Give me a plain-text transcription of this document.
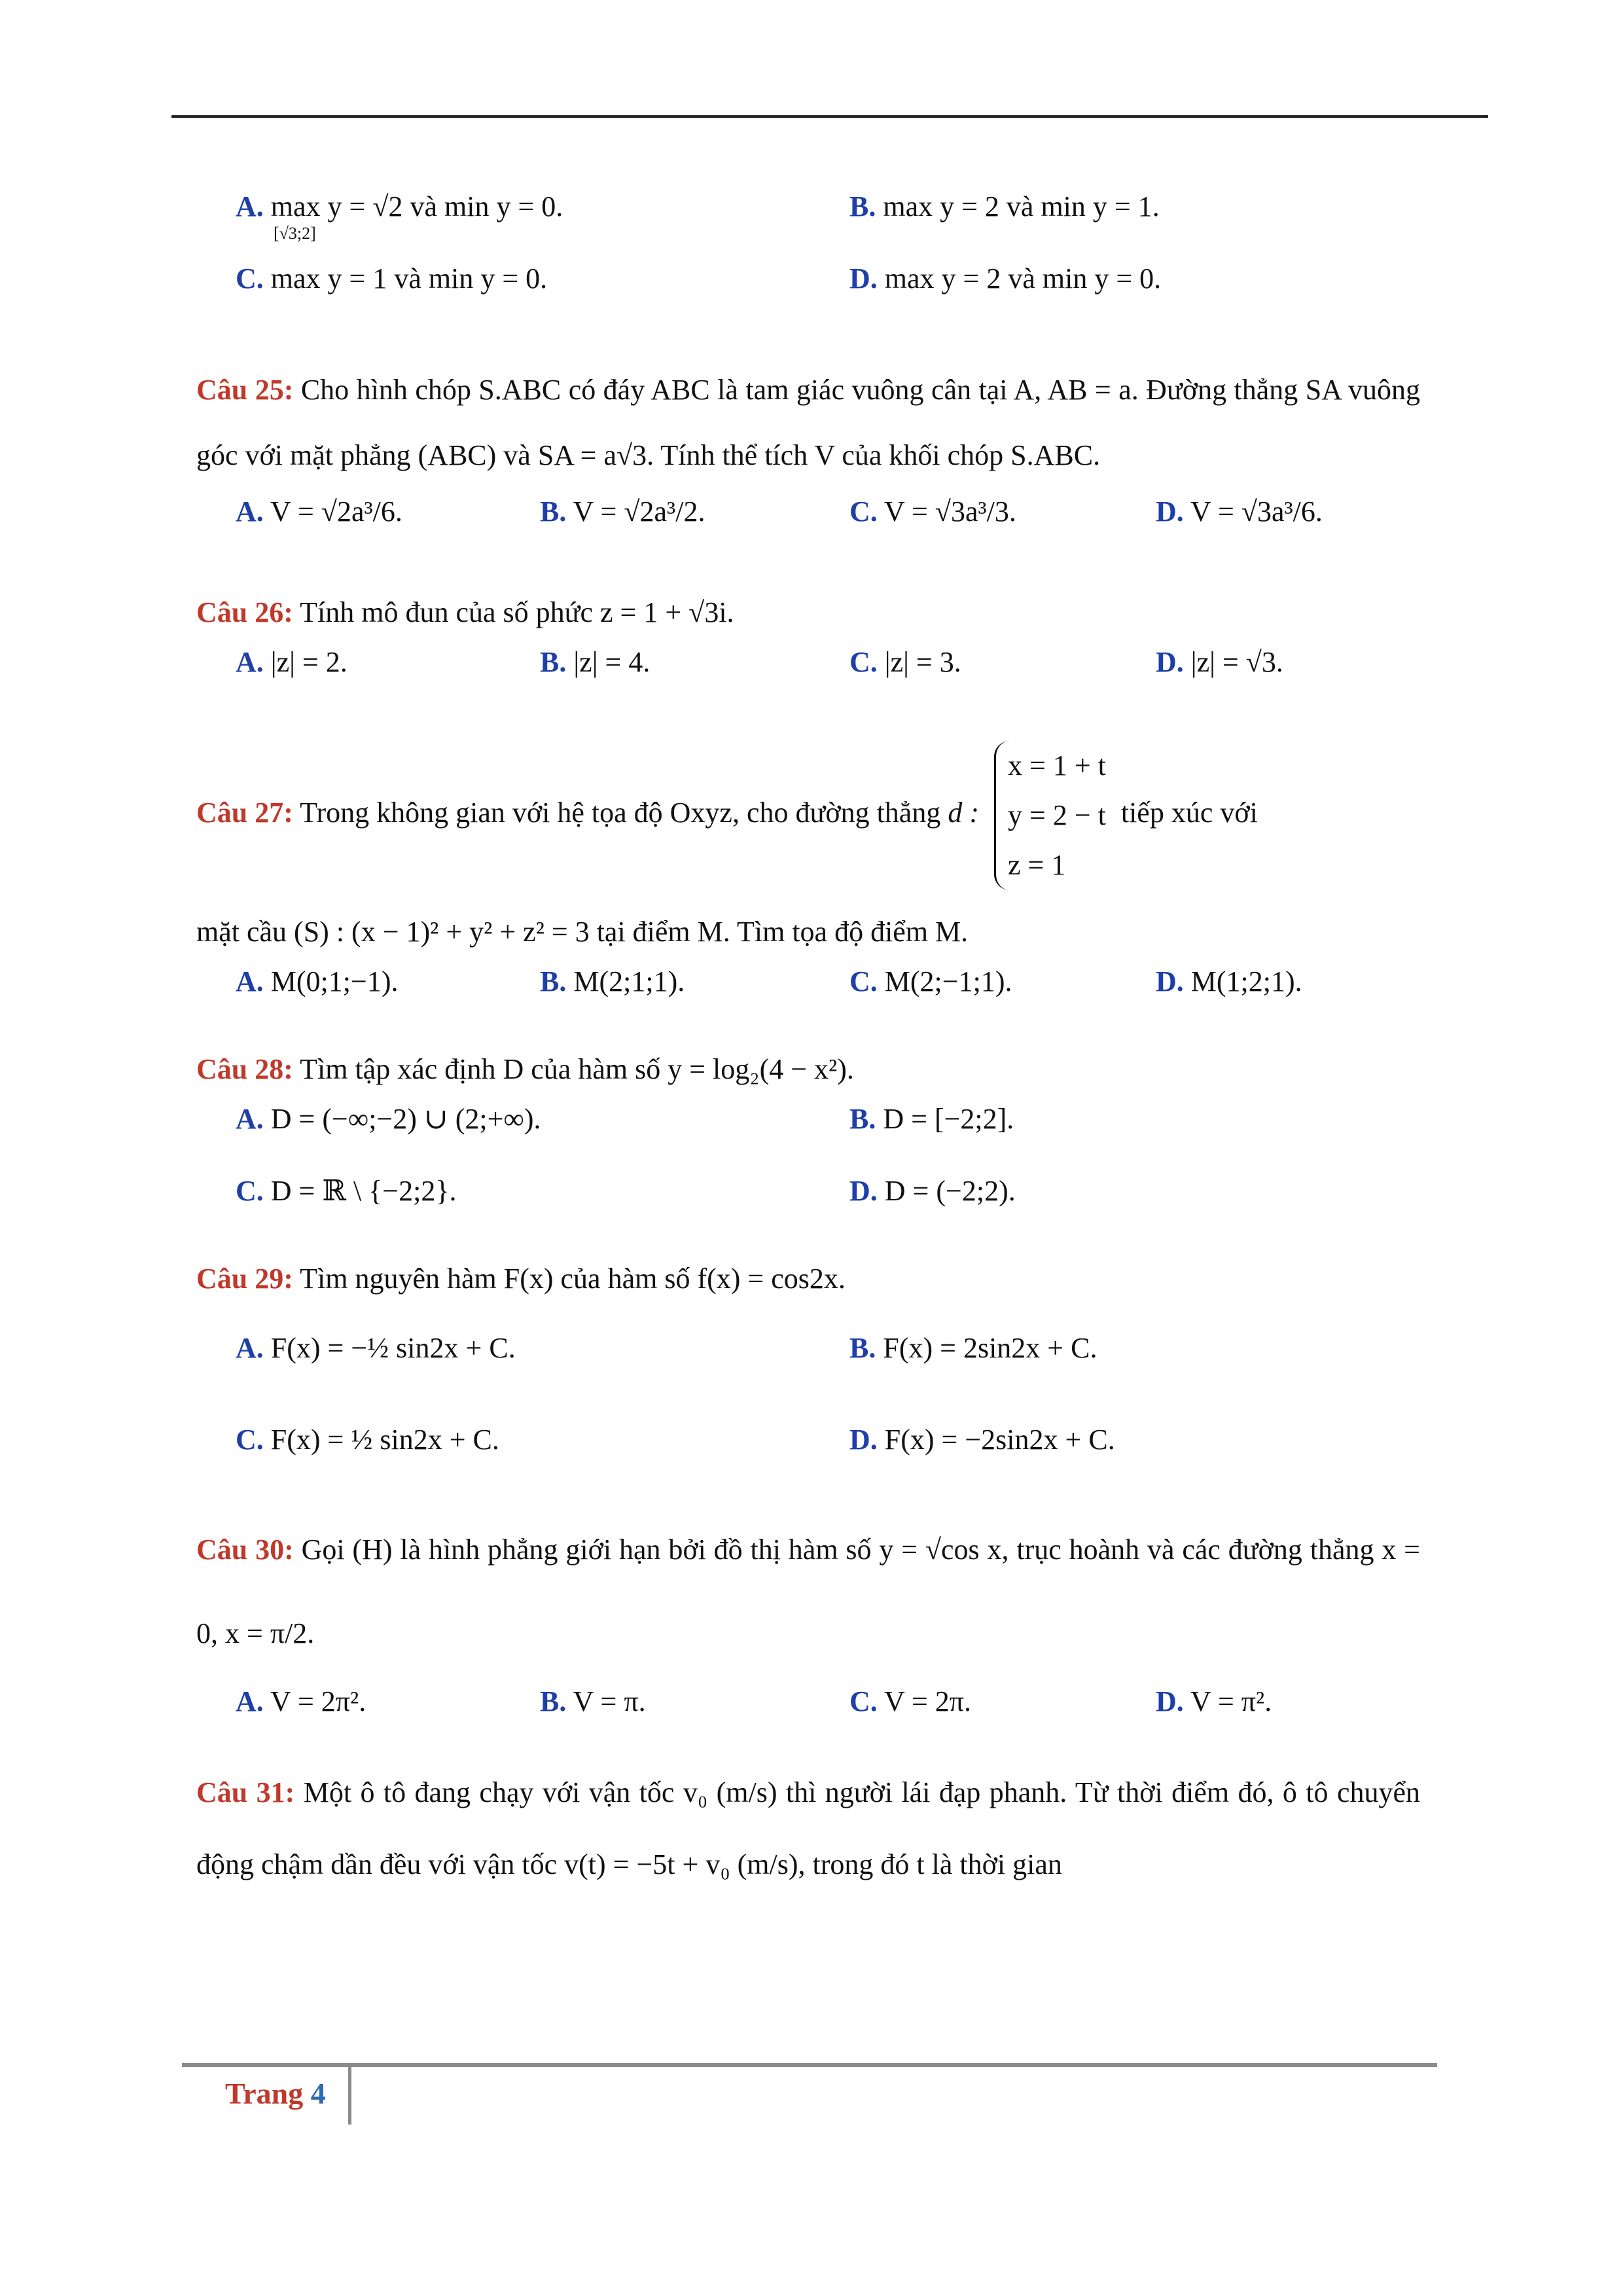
A. max y = √2 và min y = 0.
[√3;2]
B. max y = 2 và min y = 1.
C. max y = 1 và min y = 0.	D. max y = 2 và min y = 0.
Câu 25: Cho hình chóp S.ABC có đáy ABC là tam giác vuông cân tại A, AB = a. Đường thẳng SA vuông góc với mặt phẳng (ABC) và SA = a√3. Tính thể tích V của khối chóp S.ABC.
A. V = √2a³/6.	B. V = √2a³/2.	C. V = √3a³/3.	D. V = √3a³/6.
Câu 26: Tính mô đun của số phức z = 1 + √3i.
A. |z| = 2.	B. |z| = 4.	C. |z| = 3.	D. |z| = √3.
Câu 27: Trong không gian với hệ tọa độ Oxyz, cho đường thẳng d :
x = 1 + t
y = 2 − t
z = 1
tiếp xúc với
mặt cầu (S) : (x − 1)² + y² + z² = 3 tại điểm M. Tìm tọa độ điểm M.
A. M(0;1;−1).	B. M(2;1;1).	C. M(2;−1;1).	D. M(1;2;1).
Câu 28: Tìm tập xác định D của hàm số y = log₂(4 − x²).
A. D = (−∞;−2) ∪ (2;+∞).	B. D = [−2;2].
C. D = ℝ \ {−2;2}.	D. D = (−2;2).
Câu 29: Tìm nguyên hàm F(x) của hàm số f(x) = cos2x.
A. F(x) = −½ sin2x + C.	B. F(x) = 2sin2x + C.
C. F(x) = ½ sin2x + C.	D. F(x) = −2sin2x + C.
Câu 30: Gọi (H) là hình phẳng giới hạn bởi đồ thị hàm số y = √cos x, trục hoành và các đường thẳng x = 0, x = π/2.
A. V = 2π².	B. V = π.	C. V = 2π.	D. V = π².
Câu 31: Một ô tô đang chạy với vận tốc v₀ (m/s) thì người lái đạp phanh. Từ thời điểm đó, ô tô chuyển động chậm dần đều với vận tốc v(t) = −5t + v₀ (m/s), trong đó t là thời gian
Trang 4
